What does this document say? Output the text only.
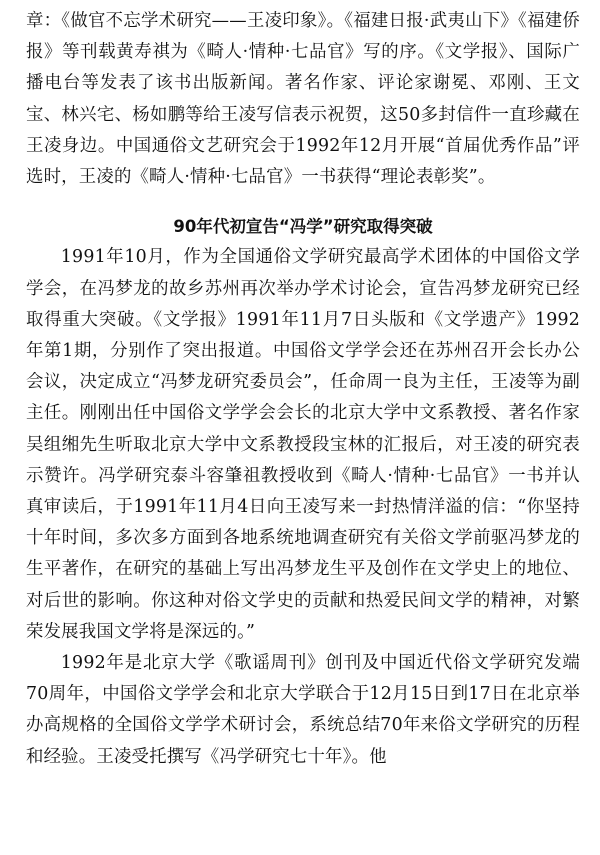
章：《做官不忘学术研究——王凌印象》。《福建日报·武夷山下》《福建侨报》等刊载黄寿祺为《畸人·情种·七品官》写的序。《文学报》、国际广播电台等发表了该书出版新闻。著名作家、评论家谢冕、邓刚、王文宝、林兴宅、杨如鹏等给王凌写信表示祝贺，这50多封信件一直珍藏在王凌身边。中国通俗文艺研究会于1992年12月开展“首届优秀作品”评选时，王凌的《畸人·情种·七品官》一书获得“理论表彰奖”。

90年代初宣告“冯学”研究取得突破

1991年10月，作为全国通俗文学研究最高学术团体的中国俗文学学会，在冯梦龙的故乡苏州再次举办学术讨论会，宣告冯梦龙研究已经取得重大突破。《文学报》1991年11月7日头版和《文学遗产》1992年第1期，分别作了突出报道。中国俗文学学会还在苏州召开会长办公会议，决定成立“冯梦龙研究委员会”，任命周一良为主任，王凌等为副主任。刚刚出任中国俗文学学会会长的北京大学中文系教授、著名作家吴组缃先生听取北京大学中文系教授段宝林的汇报后，对王凌的研究表示赞许。冯学研究泰斗容肇祖教授收到《畸人·情种·七品官》一书并认真审读后，于1991年11月4日向王凌写来一封热情洋溢的信：“你坚持十年时间，多次多方面到各地系统地调查研究有关俗文学前驱冯梦龙的生平著作，在研究的基础上写出冯梦龙生平及创作在文学史上的地位、对后世的影响。你这种对俗文学史的贡献和热爱民间文学的精神，对繁荣发展我国文学将是深远的。”

1992年是北京大学《歌谣周刊》创刊及中国近代俗文学研究发端70周年，中国俗文学学会和北京大学联合于12月15日到17日在北京举办高规格的全国俗文学学术研讨会，系统总结70年来俗文学研究的历程和经验。王凌受托撰写《冯学研究七十年》。他
